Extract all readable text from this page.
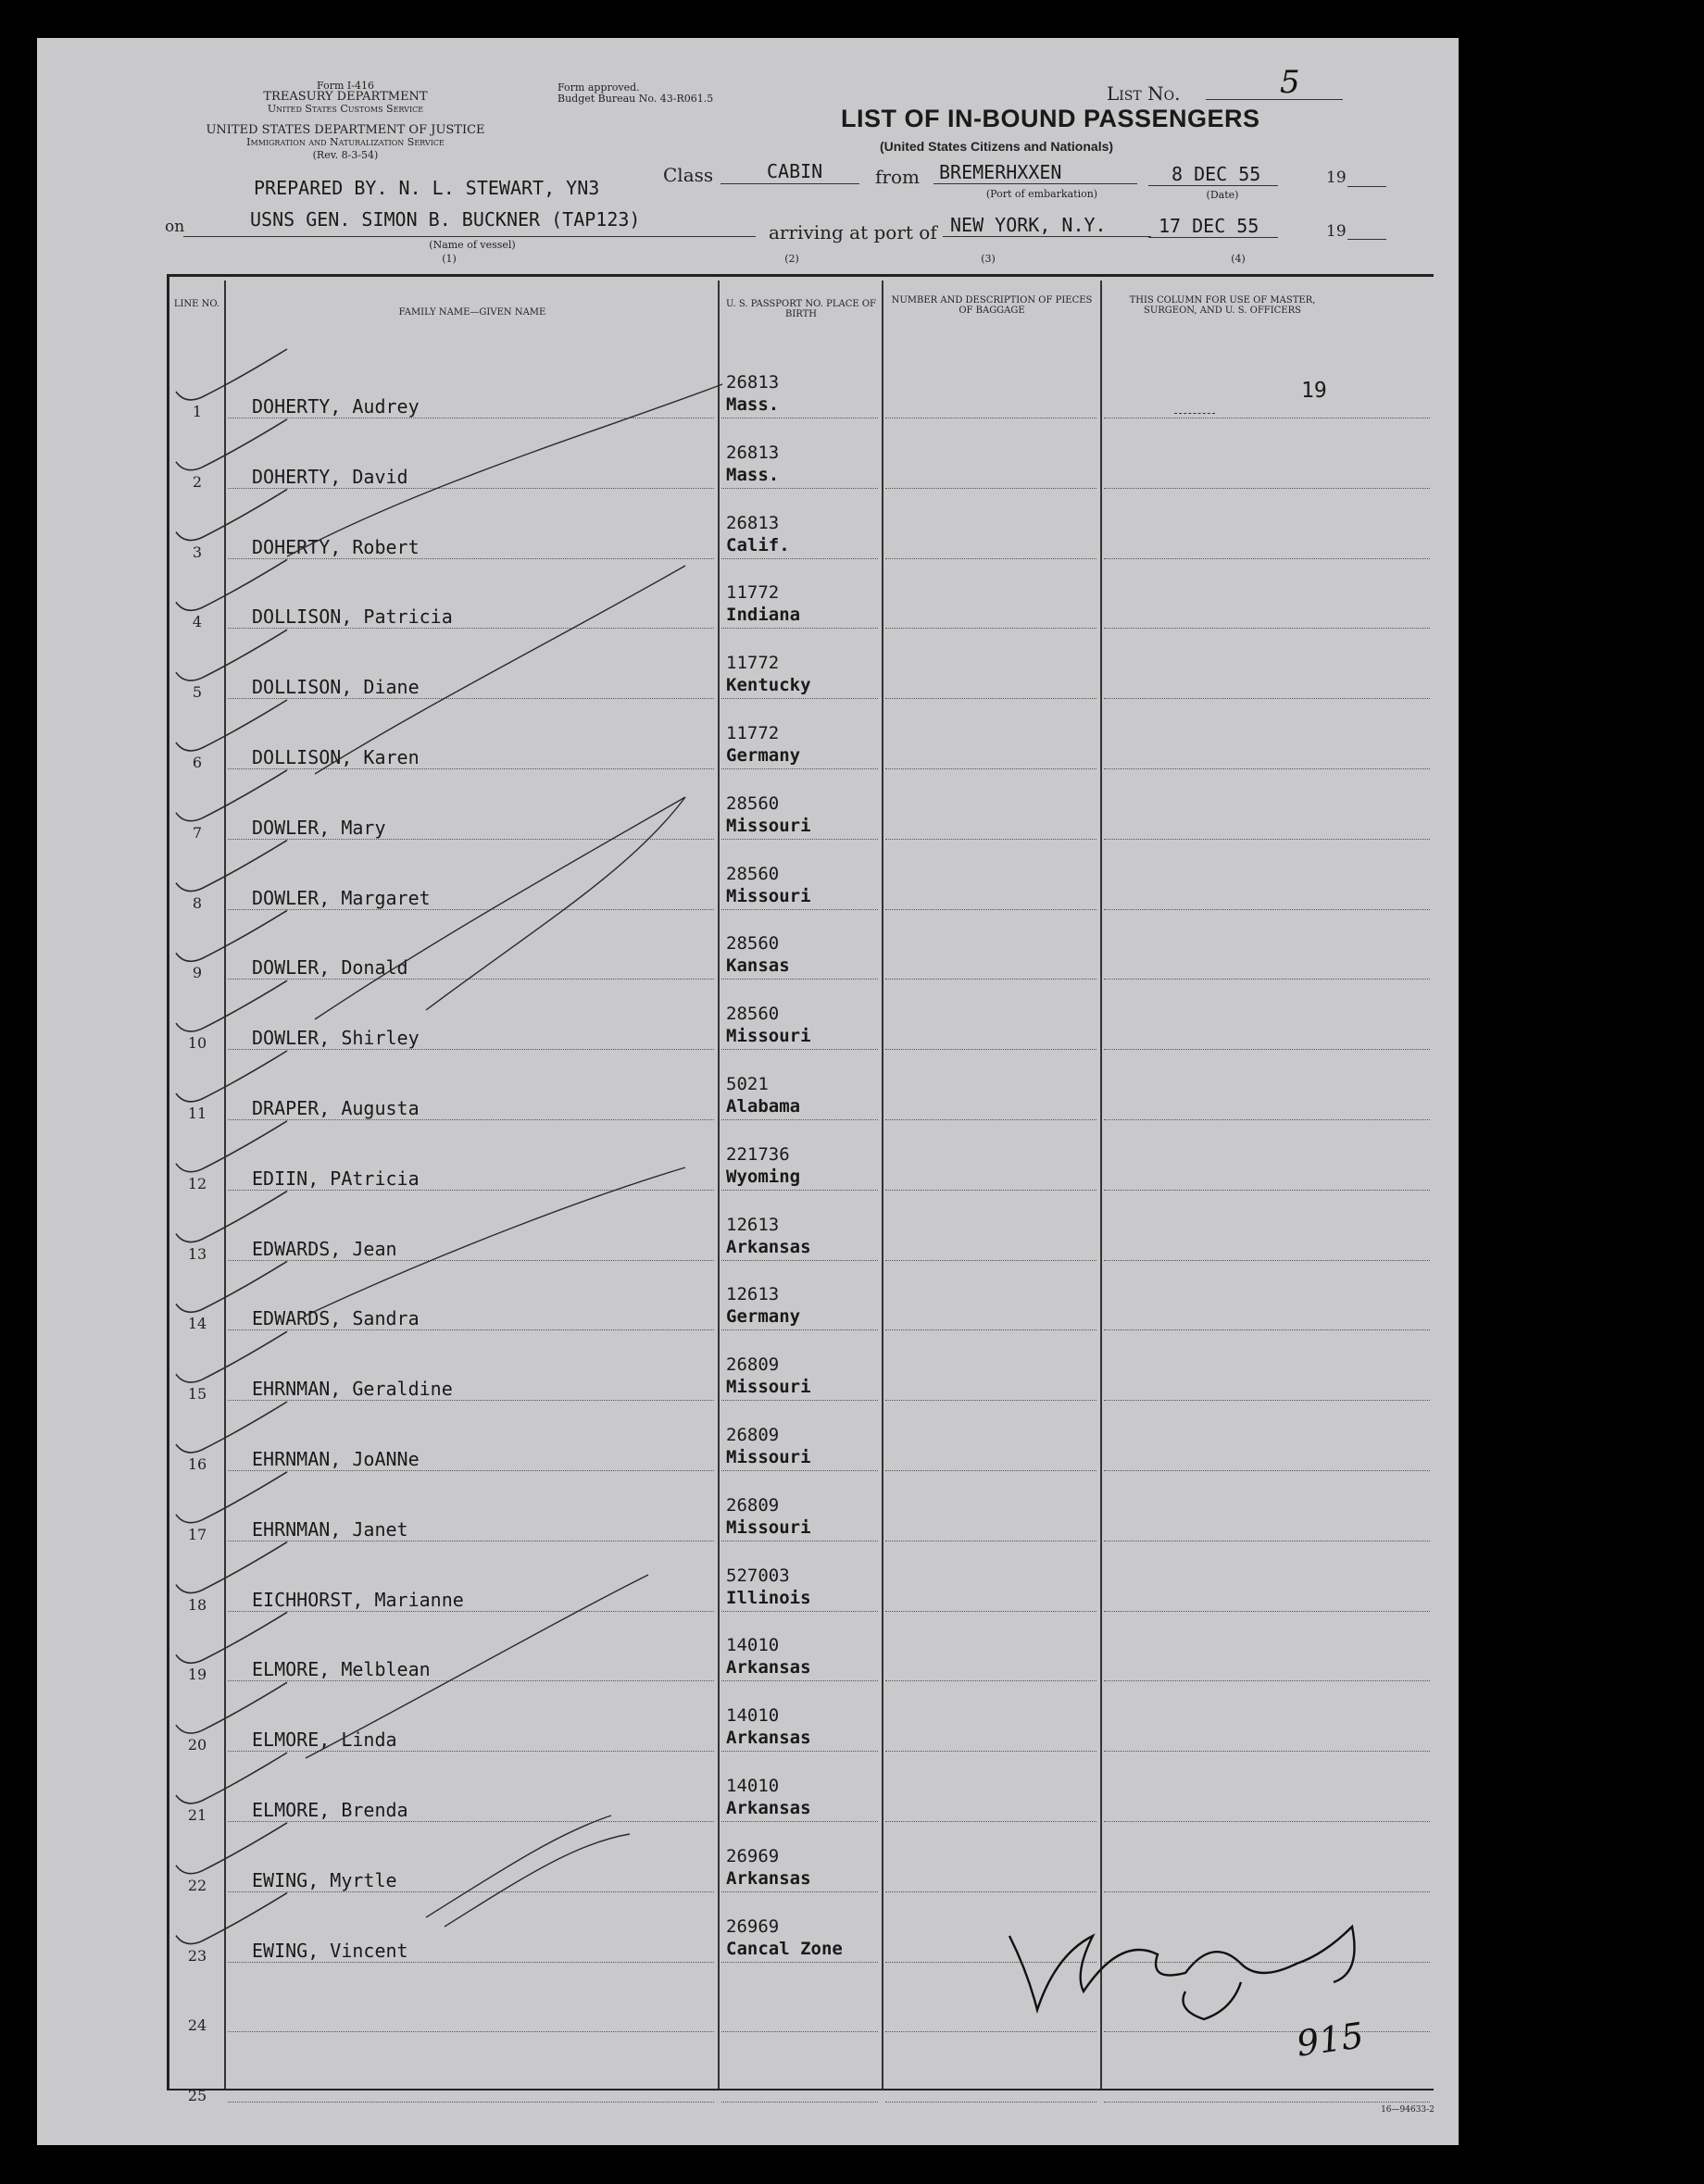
Form I-416
TREASURY DEPARTMENT
United States Customs Service
UNITED STATES DEPARTMENT OF JUSTICE
Immigration and Naturalization Service
(Rev. 8-3-54)
Form approved.
Budget Bureau No. 43-R061.5	List No.	5
LIST OF IN-BOUND PASSENGERS
(United States Citizens and Nationals)
PREPARED BY. N. L. STEWART, YN3
Class	CABIN	from BREMERHXXEN
(Port of embarkation)
8 DEC 55
(Date)
19
on	USNS GEN. SIMON B. BUCKNER (TAP123)
(Name of vessel)
arriving at port of NEW YORK, N.Y.	17 DEC 55	19
(1)	(2)	(3)	(4)
LINE NO.
FAMILY NAME—GIVEN NAME
U. S. PASSPORT NO. PLACE OF BIRTH
NUMBER AND DESCRIPTION OF PIECES OF BAGGAGE
THIS COLUMN FOR USE OF MASTER, SURGEON, AND U. S. OFFICERS
19
1	DOHERTY, Audrey
26813
Mass.
2	DOHERTY, David
26813
Mass.
3	DOHERTY, Robert
26813
Calif.
4	DOLLISON, Patricia
11772
Indiana
5	DOLLISON, Diane
11772
Kentucky
6	DOLLISON, Karen
11772
Germany
7	DOWLER, Mary
28560
Missouri
8	DOWLER, Margaret
28560
Missouri
9	DOWLER, Donald
28560
Kansas
10	DOWLER, Shirley
28560
Missouri
11	DRAPER, Augusta
5021
Alabama
12	EDIIN, PAtricia
221736
Wyoming
13	EDWARDS, Jean
12613
Arkansas
14	EDWARDS, Sandra
12613
Germany
15	EHRNMAN, Geraldine
26809
Missouri
16	EHRNMAN, JoANNe
26809
Missouri
17	EHRNMAN, Janet
26809
Missouri
18	EICHHORST, Marianne
527003
Illinois
19	ELMORE, Melblean
14010
Arkansas
20	ELMORE, Linda
14010
Arkansas
21	ELMORE, Brenda
14010
Arkansas
22	EWING, Myrtle
26969
Arkansas
23	EWING, Vincent
26969
Cancal Zone
24
25
16—94633-2
915
